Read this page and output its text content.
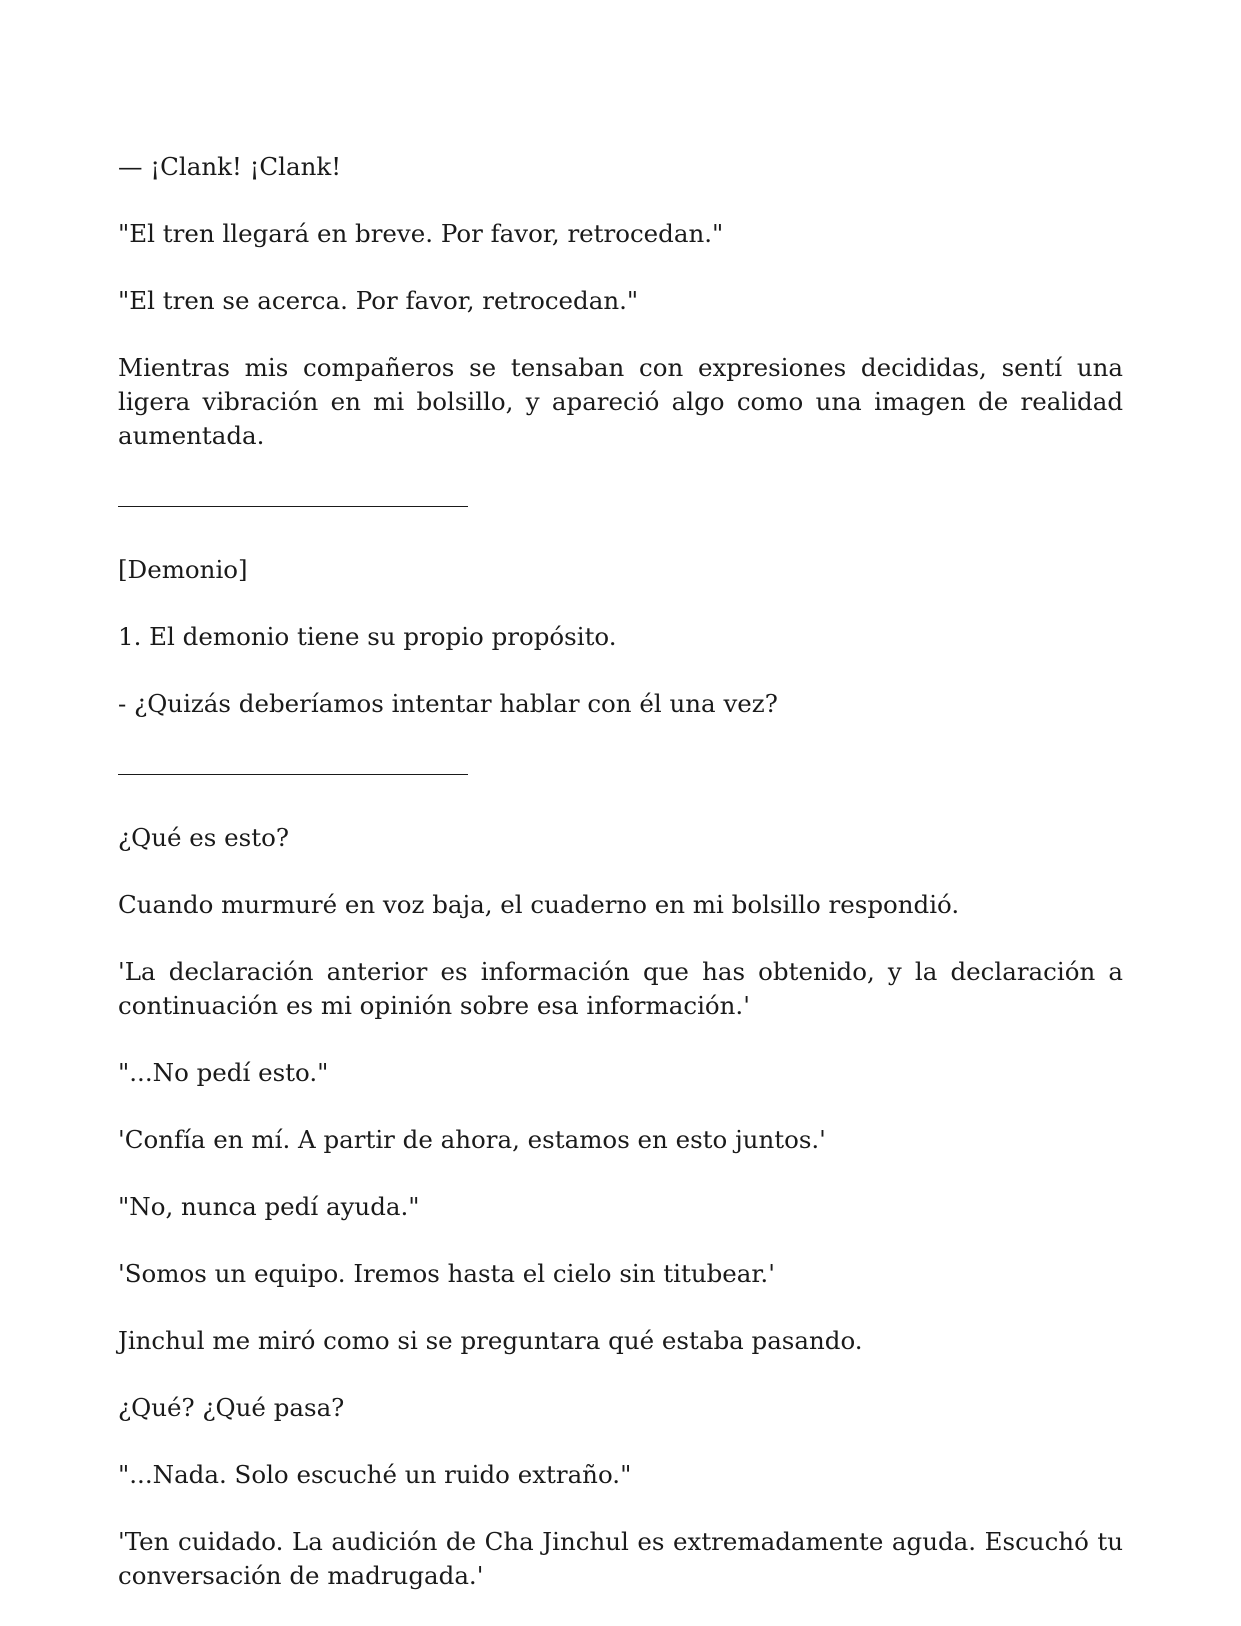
— ¡Clank! ¡Clank!

"El tren llegará en breve. Por favor, retrocedan."

"El tren se acerca. Por favor, retrocedan."

Mientras mis compañeros se tensaban con expresiones decididas, sentí una ligera vibración en mi bolsillo, y apareció algo como una imagen de realidad aumentada.

[Demonio]

1. El demonio tiene su propio propósito.

- ¿Quizás deberíamos intentar hablar con él una vez?

¿Qué es esto?

Cuando murmuré en voz baja, el cuaderno en mi bolsillo respondió.

'La declaración anterior es información que has obtenido, y la declaración a continuación es mi opinión sobre esa información.'

"...No pedí esto."

'Confía en mí. A partir de ahora, estamos en esto juntos.'

"No, nunca pedí ayuda."

'Somos un equipo. Iremos hasta el cielo sin titubear.'

Jinchul me miró como si se preguntara qué estaba pasando.

¿Qué? ¿Qué pasa?

"...Nada. Solo escuché un ruido extraño."

'Ten cuidado. La audición de Cha Jinchul es extremadamente aguda. Escuchó tu conversación de madrugada.'
